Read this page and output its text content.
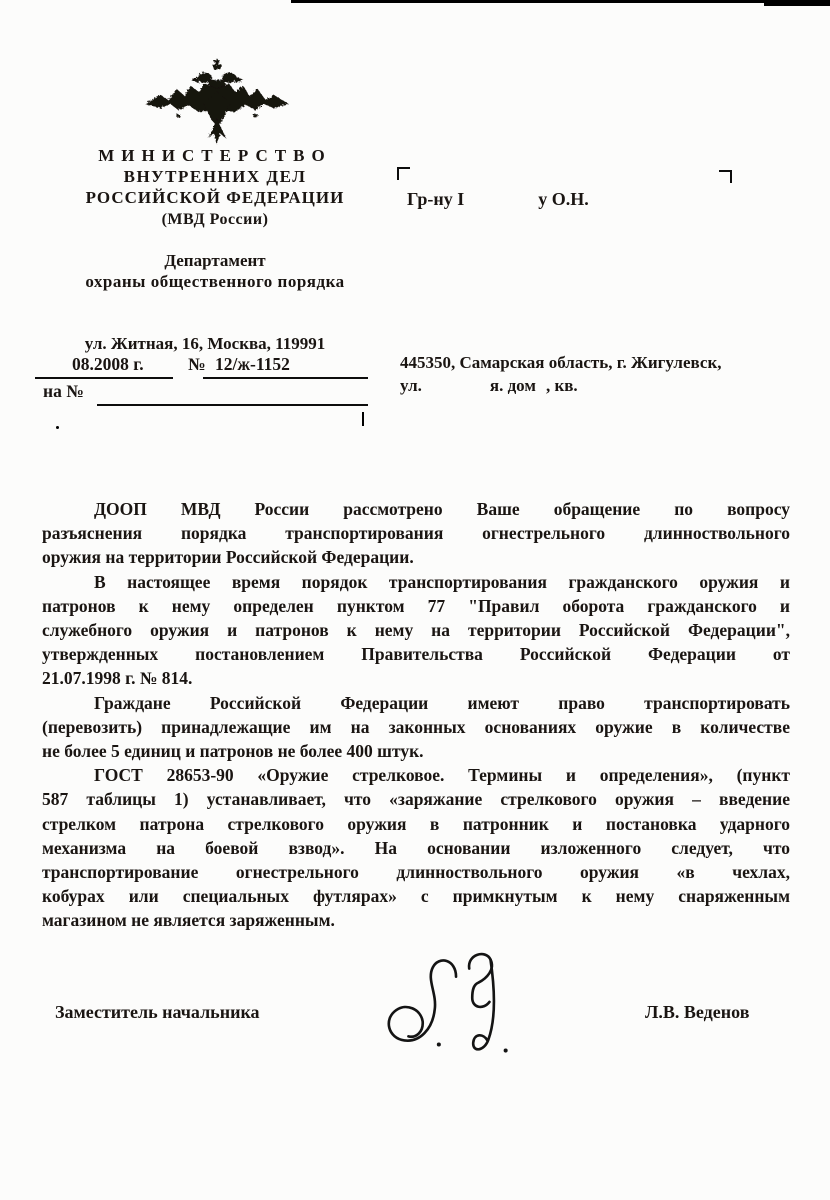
МИНИСТЕРСТВО
ВНУТРЕННИХ ДЕЛ
РОССИЙСКОЙ ФЕДЕРАЦИИ
(МВД России)
Департамент
охраны общественного порядка
ул. Житная, 16, Москва, 119991
08.2008 г.	№ 12/ж-1152
на №
Гр-ну I	у О.Н.
445350, Самарская область, г. Жигулевск,
ул.	я. дом , кв.
ДООП МВД России рассмотрено Ваше обращение по вопросу
разъяснения порядка транспортирования огнестрельного длинноствольного
оружия на территории Российской Федерации.
В настоящее время порядок транспортирования гражданского оружия и
патронов к нему определен пунктом 77 "Правил оборота гражданского и
служебного оружия и патронов к нему на территории Российской Федерации",
утвержденных постановлением Правительства Российской Федерации от
21.07.1998 г. № 814.
Граждане Российской Федерации имеют право транспортировать
(перевозить) принадлежащие им на законных основаниях оружие в количестве
не более 5 единиц и патронов не более 400 штук.
ГОСТ 28653-90 «Оружие стрелковое. Термины и определения», (пункт
587 таблицы 1) устанавливает, что «заряжание стрелкового оружия – введение
стрелком патрона стрелкового оружия в патронник и постановка ударного
механизма на боевой взвод». На основании изложенного следует, что
транспортирование огнестрельного длинноствольного оружия «в чехлах,
кобурах или специальных футлярах» с примкнутым к нему снаряженным
магазином не является заряженным.
Заместитель начальника	Л.В. Веденов
